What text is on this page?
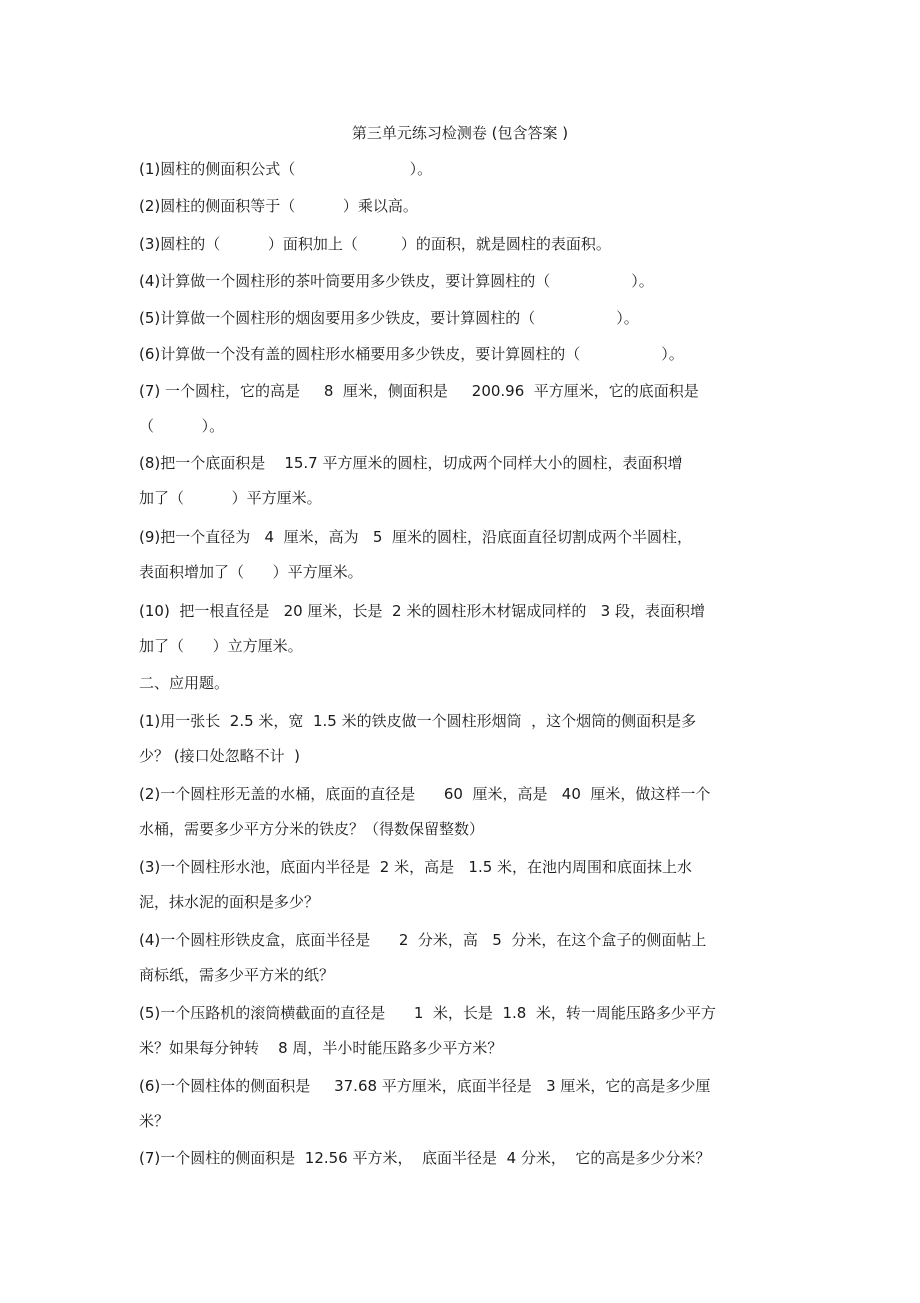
第三单元练习检测卷 (包含答案 )
(1)圆柱的侧面积公式（                        ）。
(2)圆柱的侧面积等于（          ）乘以高。
(3)圆柱的（          ）面积加上（         ）的面积，就是圆柱的表面积。
(4)计算做一个圆柱形的茶叶筒要用多少铁皮，要计算圆柱的（                 ）。
(5)计算做一个圆柱形的烟囱要用多少铁皮，要计算圆柱的（                 ）。
(6)计算做一个没有盖的圆柱形水桶要用多少铁皮，要计算圆柱的（                 ）。
(7) 一个圆柱，它的高是     8  厘米，侧面积是     200.96  平方厘米，它的底面积是
（          ）。
(8)把一个底面积是    15.7 平方厘米的圆柱，切成两个同样大小的圆柱，表面积增
加了（          ）平方厘米。
(9)把一个直径为   4  厘米，高为   5  厘米的圆柱，沿底面直径切割成两个半圆柱，
表面积增加了（      ）平方厘米。
(10)  把一根直径是   20 厘米，长是  2 米的圆柱形木材锯成同样的   3 段，表面积增
加了（      ）立方厘米。
二、应用题。
(1)用一张长  2.5 米，宽  1.5 米的铁皮做一个圆柱形烟筒  ，这个烟筒的侧面积是多
少？ (接口处忽略不计  )
(2)一个圆柱形无盖的水桶，底面的直径是      60  厘米，高是   40  厘米，做这样一个
水桶，需要多少平方分米的铁皮？（得数保留整数）
(3)一个圆柱形水池，底面内半径是  2 米，高是   1.5 米，在池内周围和底面抹上水
泥，抹水泥的面积是多少？
(4)一个圆柱形铁皮盒，底面半径是      2  分米，高   5  分米，在这个盒子的侧面帖上
商标纸，需多少平方米的纸？
(5)一个压路机的滚筒横截面的直径是      1  米，长是  1.8  米，转一周能压路多少平方
米？如果每分钟转    8 周，半小时能压路多少平方米？
(6)一个圆柱体的侧面积是     37.68 平方厘米，底面半径是   3 厘米，它的高是多少厘
米？
(7)一个圆柱的侧面积是  12.56 平方米，  底面半径是  4 分米，  它的高是多少分米？
